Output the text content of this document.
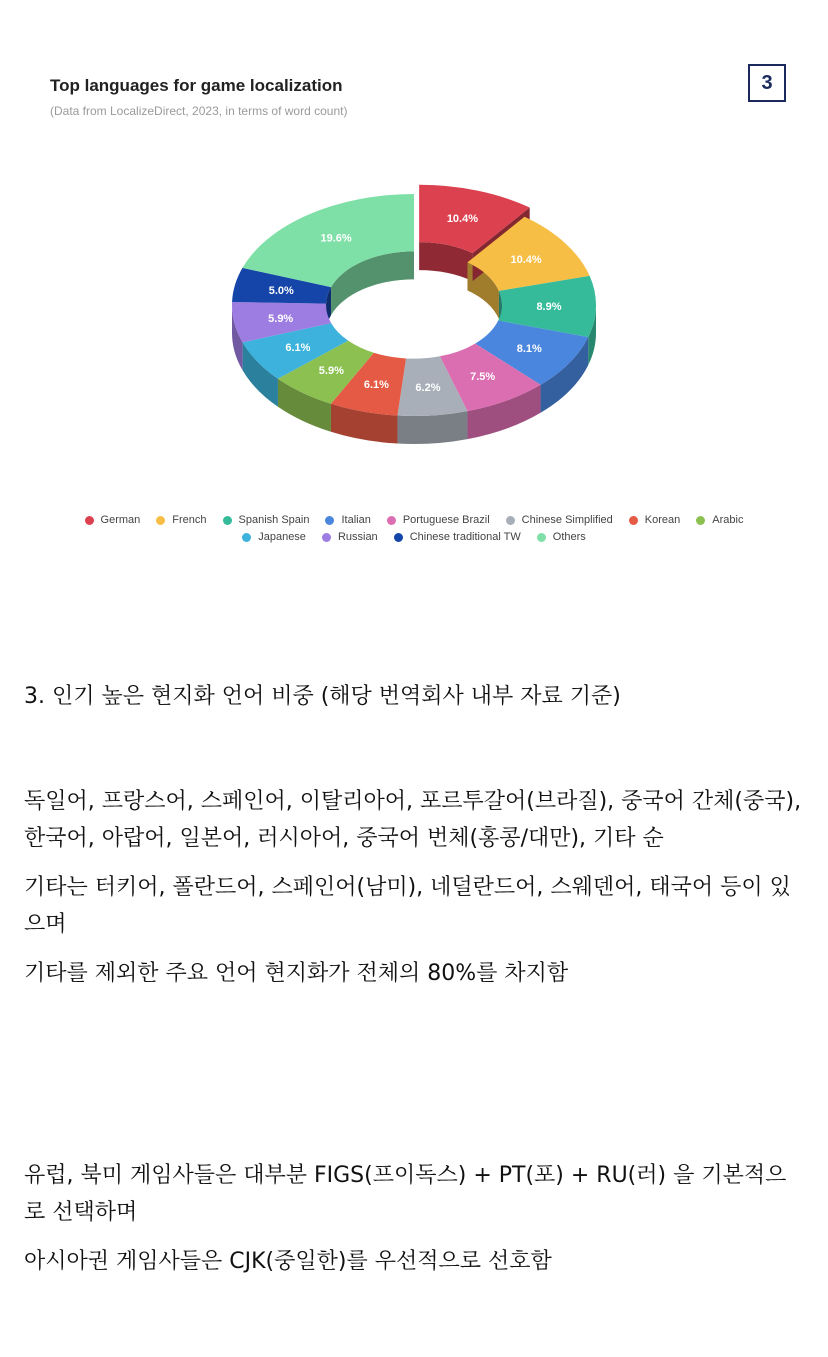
Top languages for game localization
(Data from LocalizeDirect, 2023, in terms of word count)
3
10.4%
10.4%
8.9%
8.1%
7.5%
6.2%
6.1%
5.9%
6.1%
5.9%
5.0%
19.6%
German	French	Spanish Spain	Italian	Portuguese Brazil	Chinese Simplified	Korean	Arabic
Japanese	Russian	Chinese traditional TW	Others

3. 인기 높은 현지화 언어 비중 (해당 번역회사 내부 자료 기준)

독일어, 프랑스어, 스페인어, 이탈리아어, 포르투갈어(브라질), 중국어 간체(중국), 한국어, 아랍어, 일본어, 러시아어, 중국어 번체(홍콩/대만), 기타 순

기타는 터키어, 폴란드어, 스페인어(남미), 네덜란드어, 스웨덴어, 태국어 등이 있으며

기타를 제외한 주요 언어 현지화가 전체의 80%를 차지함

유럽, 북미 게임사들은 대부분 FIGS(프이독스) + PT(포) + RU(러) 을 기본적으로 선택하며

아시아권 게임사들은 CJK(중일한)를 우선적으로 선호함
